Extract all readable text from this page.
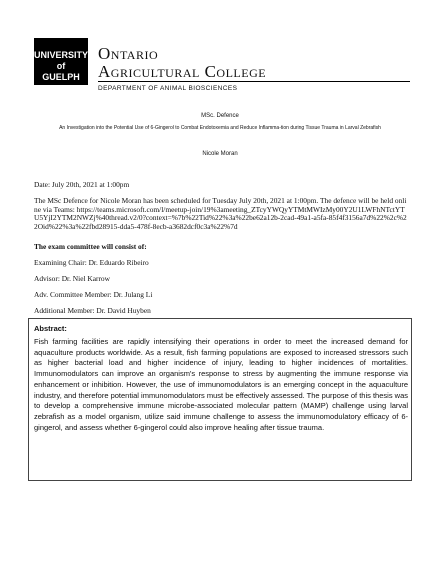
UNIVERSITY
of
GUELPH
Ontario
Agricultural College
DEPARTMENT OF ANIMAL BIOSCIENCES
MSc. Defence
An Investigation into the Potential Use of 6-Gingerol to Combat Endotoxemia and Reduce Inflamma-tion during Tissue Trauma in Larval Zebrafish
Nicole Moran
Date: July 20th, 2021 at 1:00pm
The MSc Defence for Nicole Moran has been scheduled for Tuesday July 20th, 2021 at 1:00pm. The defence will be held online via Teams: https://teams.microsoft.com/l/meetup-join/19%3ameeting_ZTcyYWQyYTMtMWIzMy00Y2U1LWFhNTctYTU5YjI2YTM2NWZj%40thread.v2/0?context=%7b%22Tid%22%3a%22be62a12b-2cad-49a1-a5fa-85f4f3156a7d%22%2c%22Oid%22%3a%22fbd28915-dda5-478f-8ecb-a3682dcf0c3a%22%7d
The exam committee will consist of:
Examining Chair: Dr. Eduardo Ribeiro
Advisor: Dr. Niel Karrow
Adv. Committee Member: Dr. Julang Li
Additional Member: Dr. David Huyben
Abstract:
Fish farming facilities are rapidly intensifying their operations in order to meet the increased demand for aquaculture products worldwide. As a result, fish farming populations are exposed to increased stressors such as higher bacterial load and higher incidence of injury, leading to higher incidences of mortalities. Immunomodulators can improve an organism's response to stress by augmenting the immune response via enhancement or inhibition. However, the use of immunomodulators is an emerging concept in the aquaculture industry, and therefore potential immunomodulators must be effectively assessed. The purpose of this thesis was to develop a comprehensive immune microbe-associated molecular pattern (MAMP) challenge using larval zebrafish as a model organism, utilize said immune challenge to assess the immunomodulatory efficacy of 6-gingerol, and assess whether 6-gingerol could also improve healing after tissue trauma.
